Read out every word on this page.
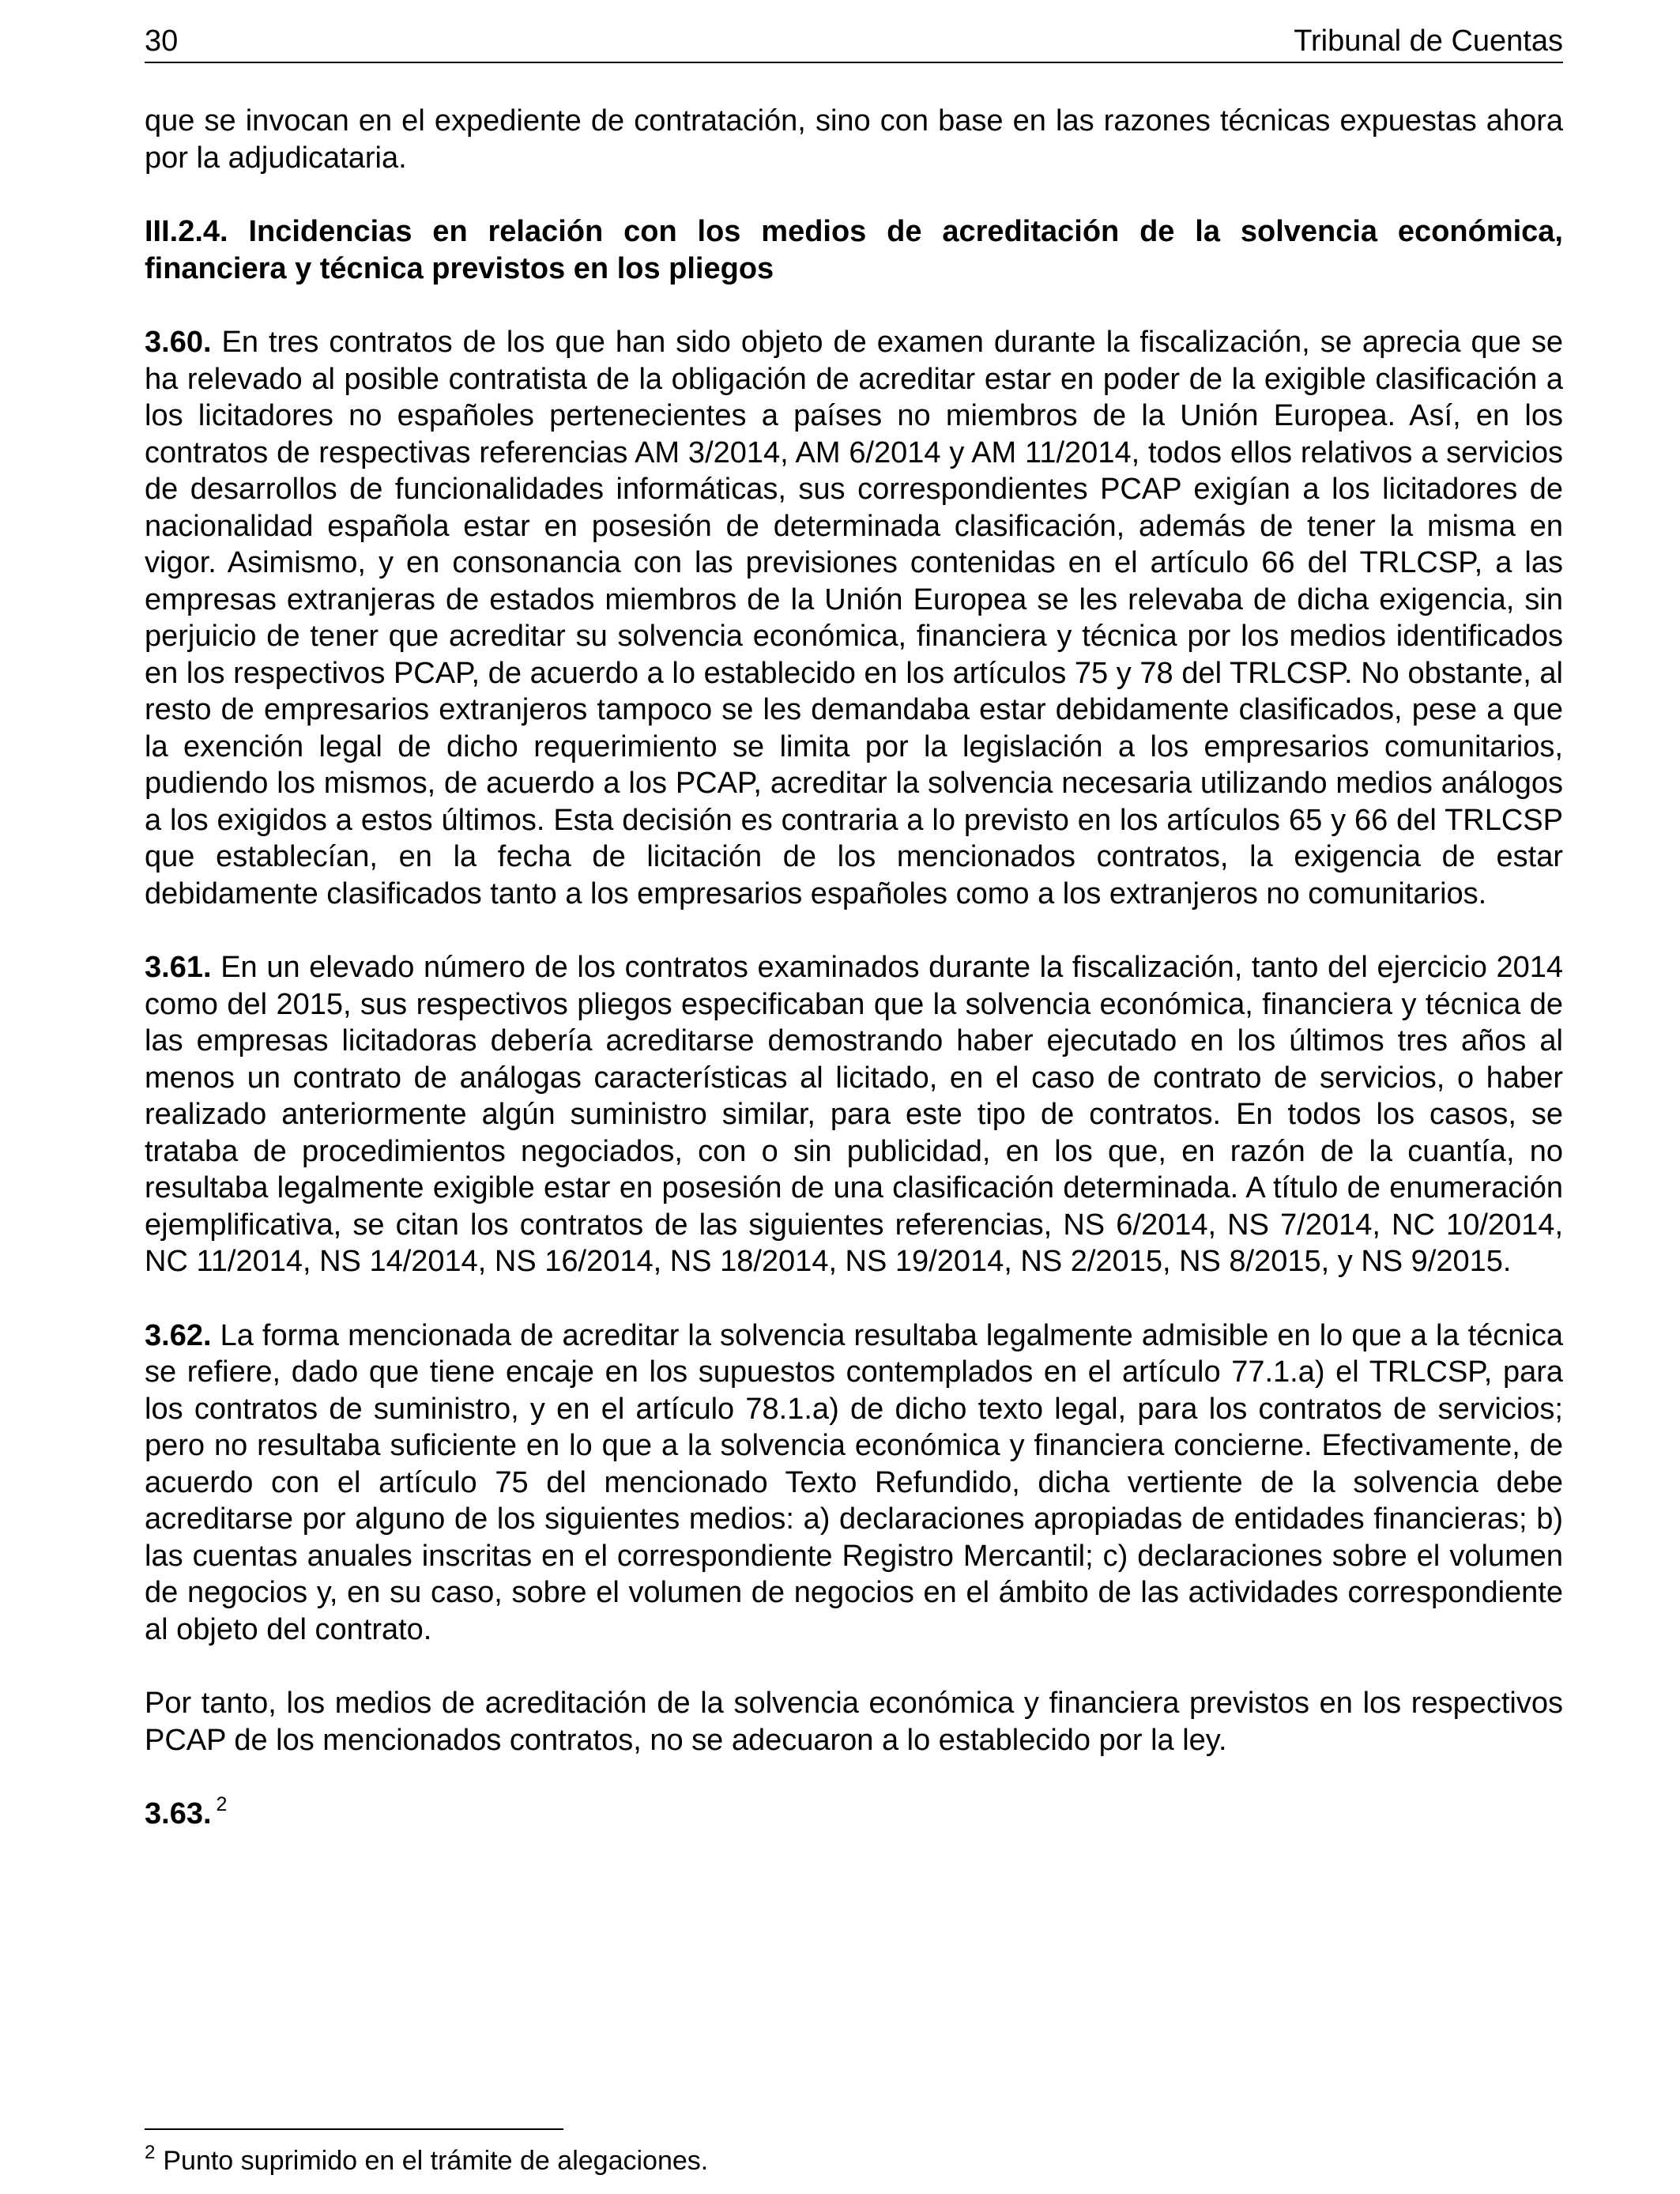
30	Tribunal de Cuentas

que se invocan en el expediente de contratación, sino con base en las razones técnicas expuestas ahora por la adjudicataria.

III.2.4. Incidencias en relación con los medios de acreditación de la solvencia económica, financiera y técnica previstos en los pliegos

3.60. En tres contratos de los que han sido objeto de examen durante la fiscalización, se aprecia que se ha relevado al posible contratista de la obligación de acreditar estar en poder de la exigible clasificación a los licitadores no españoles pertenecientes a países no miembros de la Unión Europea. Así, en los contratos de respectivas referencias AM 3/2014, AM 6/2014 y AM 11/2014, todos ellos relativos a servicios de desarrollos de funcionalidades informáticas, sus correspondientes PCAP exigían a los licitadores de nacionalidad española estar en posesión de determinada clasificación, además de tener la misma en vigor. Asimismo, y en consonancia con las previsiones contenidas en el artículo 66 del TRLCSP, a las empresas extranjeras de estados miembros de la Unión Europea se les relevaba de dicha exigencia, sin perjuicio de tener que acreditar su solvencia económica, financiera y técnica por los medios identificados en los respectivos PCAP, de acuerdo a lo establecido en los artículos 75 y 78 del TRLCSP. No obstante, al resto de empresarios extranjeros tampoco se les demandaba estar debidamente clasificados, pese a que la exención legal de dicho requerimiento se limita por la legislación a los empresarios comunitarios, pudiendo los mismos, de acuerdo a los PCAP, acreditar la solvencia necesaria utilizando medios análogos a los exigidos a estos últimos. Esta decisión es contraria a lo previsto en los artículos 65 y 66 del TRLCSP que establecían, en la fecha de licitación de los mencionados contratos, la exigencia de estar debidamente clasificados tanto a los empresarios españoles como a los extranjeros no comunitarios.

3.61. En un elevado número de los contratos examinados durante la fiscalización, tanto del ejercicio 2014 como del 2015, sus respectivos pliegos especificaban que la solvencia económica, financiera y técnica de las empresas licitadoras debería acreditarse demostrando haber ejecutado en los últimos tres años al menos un contrato de análogas características al licitado, en el caso de contrato de servicios, o haber realizado anteriormente algún suministro similar, para este tipo de contratos. En todos los casos, se trataba de procedimientos negociados, con o sin publicidad, en los que, en razón de la cuantía, no resultaba legalmente exigible estar en posesión de una clasificación determinada. A título de enumeración ejemplificativa, se citan los contratos de las siguientes referencias, NS 6/2014, NS 7/2014, NC 10/2014, NC 11/2014, NS 14/2014, NS 16/2014, NS 18/2014, NS 19/2014, NS 2/2015, NS 8/2015, y NS 9/2015.

3.62. La forma mencionada de acreditar la solvencia resultaba legalmente admisible en lo que a la técnica se refiere, dado que tiene encaje en los supuestos contemplados en el artículo 77.1.a) el TRLCSP, para los contratos de suministro, y en el artículo 78.1.a) de dicho texto legal, para los contratos de servicios; pero no resultaba suficiente en lo que a la solvencia económica y financiera concierne. Efectivamente, de acuerdo con el artículo 75 del mencionado Texto Refundido, dicha vertiente de la solvencia debe acreditarse por alguno de los siguientes medios: a) declaraciones apropiadas de entidades financieras; b) las cuentas anuales inscritas en el correspondiente Registro Mercantil; c) declaraciones sobre el volumen de negocios y, en su caso, sobre el volumen de negocios en el ámbito de las actividades correspondiente al objeto del contrato.

Por tanto, los medios de acreditación de la solvencia económica y financiera previstos en los respectivos PCAP de los mencionados contratos, no se adecuaron a lo establecido por la ley.

3.63. $^2$

$^2$ Punto suprimido en el trámite de alegaciones.
